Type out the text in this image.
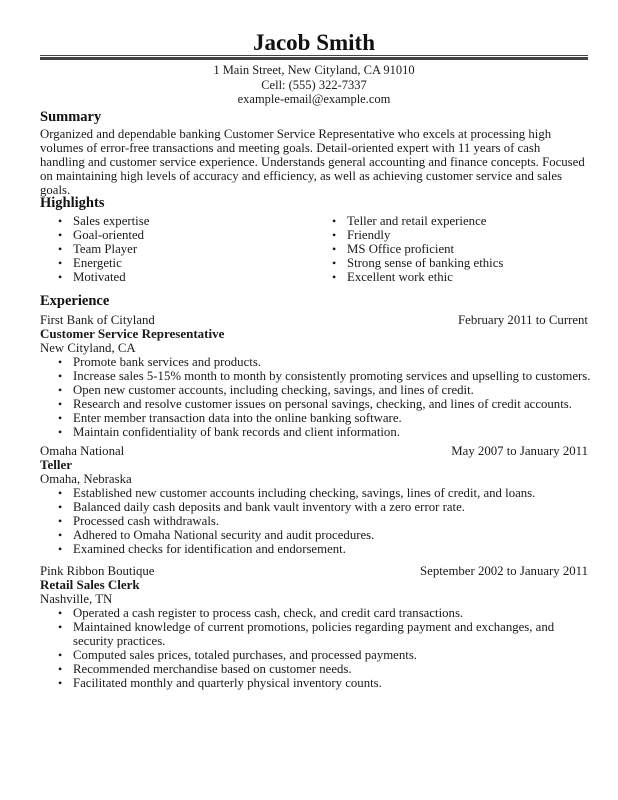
Jacob Smith
1 Main Street, New Cityland, CA 91010
Cell: (555) 322-7337
example-email@example.com
Summary
Organized and dependable banking Customer Service Representative who excels at processing high volumes of error-free transactions and meeting goals. Detail-oriented expert with 11 years of cash handling and customer service experience. Understands general accounting and finance concepts. Focused on maintaining high levels of accuracy and efficiency, as well as achieving customer service and sales goals.
Highlights
• Sales expertise
• Goal-oriented
• Team Player
• Energetic
• Motivated
• Teller and retail experience
• Friendly
• MS Office proficient
• Strong sense of banking ethics
• Excellent work ethic
Experience
First Bank of Cityland	February 2011 to Current
Customer Service Representative
New Cityland, CA
• Promote bank services and products.
• Increase sales 5-15% month to month by consistently promoting services and upselling to customers.
• Open new customer accounts, including checking, savings, and lines of credit.
• Research and resolve customer issues on personal savings, checking, and lines of credit accounts.
• Enter member transaction data into the online banking software.
• Maintain confidentiality of bank records and client information.
Omaha National	May 2007 to January 2011
Teller
Omaha, Nebraska
• Established new customer accounts including checking, savings, lines of credit, and loans.
• Balanced daily cash deposits and bank vault inventory with a zero error rate.
• Processed cash withdrawals.
• Adhered to Omaha National security and audit procedures.
• Examined checks for identification and endorsement.
Pink Ribbon Boutique	September 2002 to January 2011
Retail Sales Clerk
Nashville, TN
• Operated a cash register to process cash, check, and credit card transactions.
• Maintained knowledge of current promotions, policies regarding payment and exchanges, and security practices.
• Computed sales prices, totaled purchases, and processed payments.
• Recommended merchandise based on customer needs.
• Facilitated monthly and quarterly physical inventory counts.
